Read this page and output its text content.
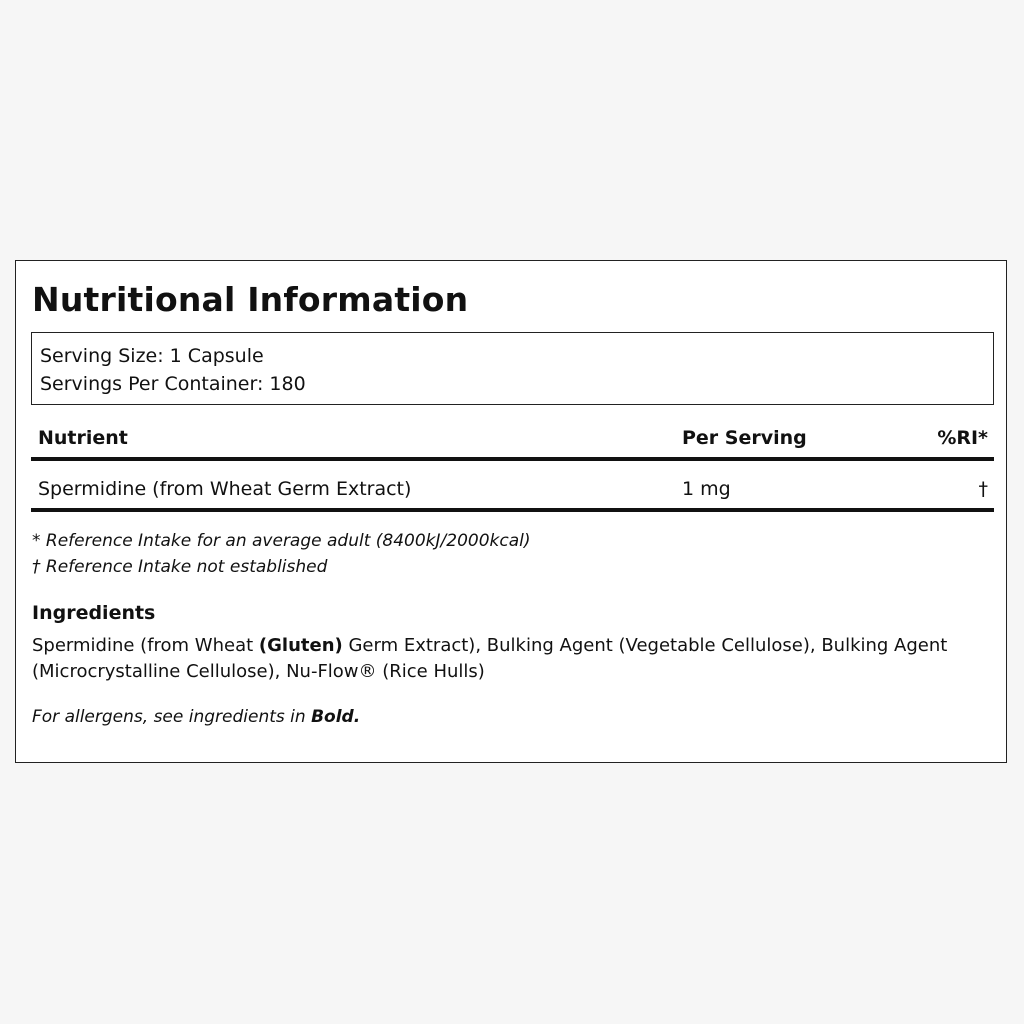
Nutritional Information
Serving Size: 1 Capsule
Servings Per Container: 180
Nutrient	Per Serving	%RI*
Spermidine (from Wheat Germ Extract)	1 mg	†
* Reference Intake for an average adult (8400kJ/2000kcal)
† Reference Intake not established
Ingredients
Spermidine (from Wheat (Gluten) Germ Extract), Bulking Agent (Vegetable Cellulose), Bulking Agent (Microcrystalline Cellulose), Nu-Flow® (Rice Hulls)
For allergens, see ingredients in Bold.
